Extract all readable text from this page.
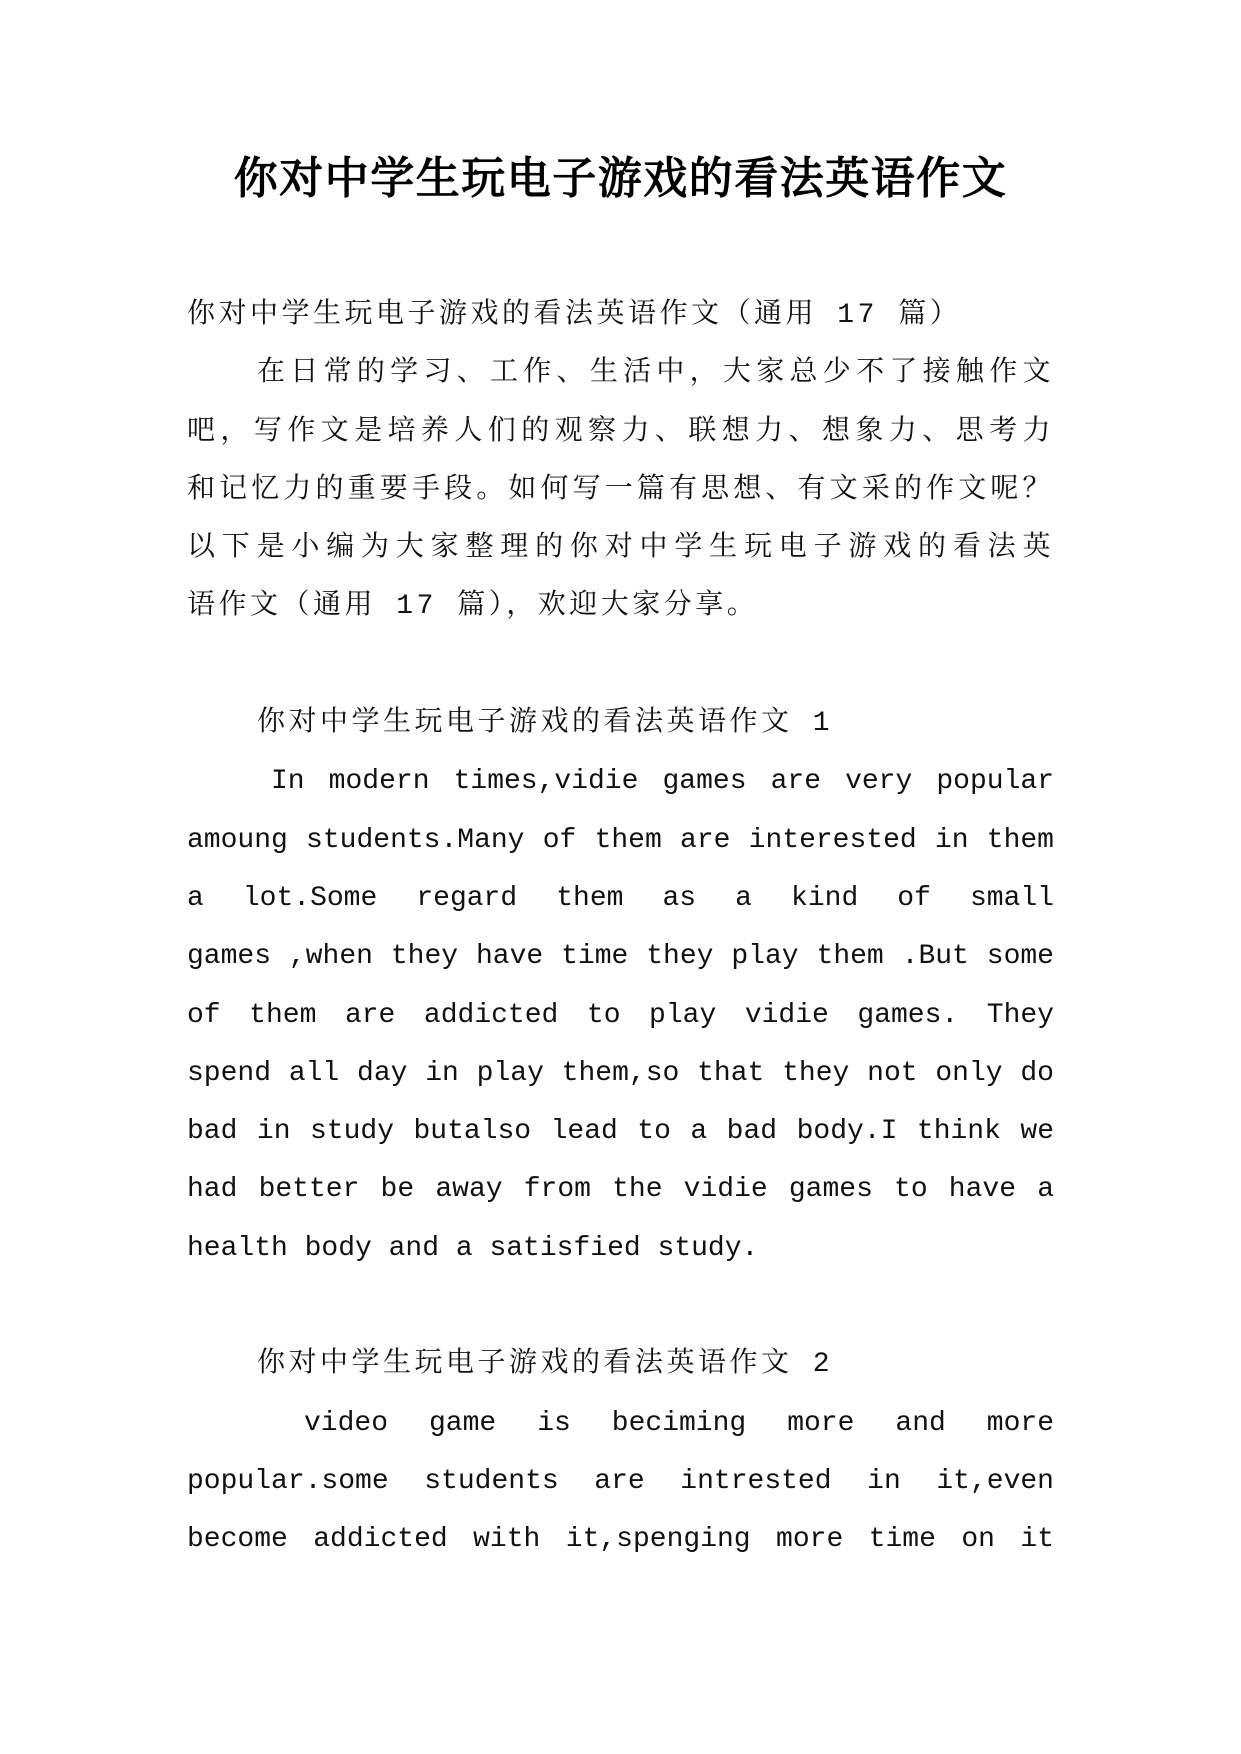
你对中学生玩电子游戏的看法英语作文
你对中学生玩电子游戏的看法英语作文（通用 17 篇）
在日常的学习、工作、生活中，大家总少不了接触作文
吧，写作文是培养人们的观察力、联想力、想象力、思考力
和记忆力的重要手段。如何写一篇有思想、有文采的作文呢？
以下是小编为大家整理的你对中学生玩电子游戏的看法英
语作文（通用 17 篇），欢迎大家分享。
你对中学生玩电子游戏的看法英语作文 1
In modern times,vidie games are very popular
amoung students.Many of them are interested in them
a lot.Some regard them as a kind of small
games ,when they have time they play them .But some
of them are addicted to play vidie games. They
spend all day in play them,so that they not only do
bad in study butalso lead to a bad body.I think we
had better be away from the vidie games to have a
health body and a satisfied study.
你对中学生玩电子游戏的看法英语作文 2
video game is beciming more and more
popular.some students are intrested in it,even
become addicted with it,spenging more time on it
